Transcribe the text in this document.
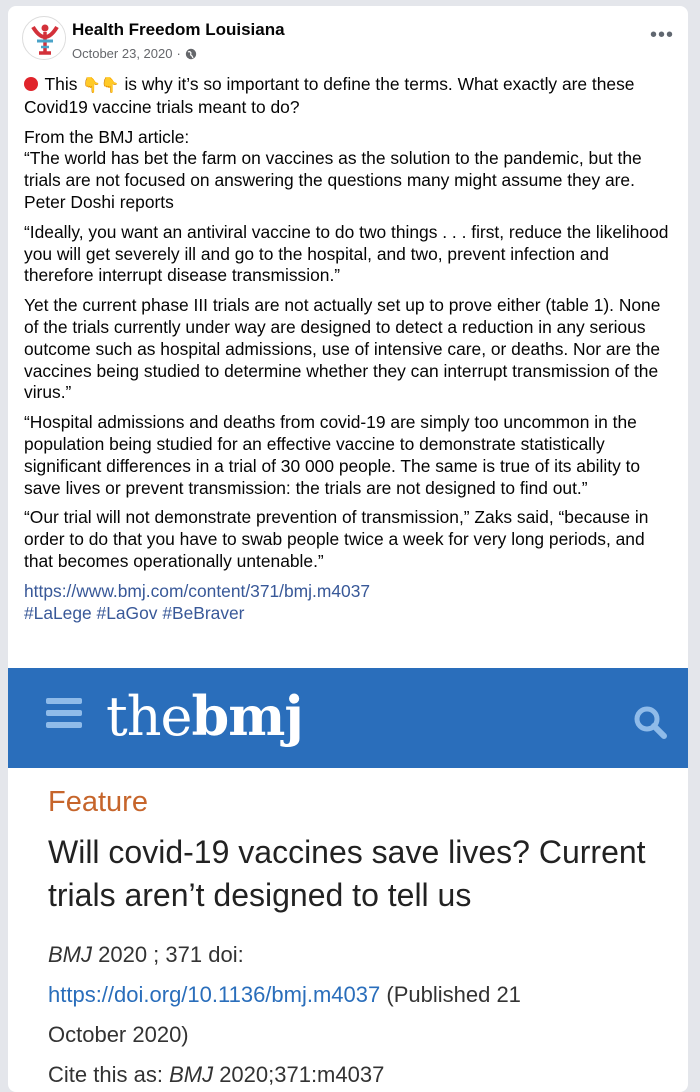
Health Freedom Louisiana
October 23, 2020 ·
•••

This 👇👇 is why it’s so important to define the terms. What exactly are these Covid19 vaccine trials meant to do?

From the BMJ article:
“The world has bet the farm on vaccines as the solution to the pandemic, but the trials are not focused on answering the questions many might assume they are. Peter Doshi reports

“Ideally, you want an antiviral vaccine to do two things . . . first, reduce the likelihood you will get severely ill and go to the hospital, and two, prevent infection and therefore interrupt disease transmission.”

Yet the current phase III trials are not actually set up to prove either (table 1). None of the trials currently under way are designed to detect a reduction in any serious outcome such as hospital admissions, use of intensive care, or deaths. Nor are the vaccines being studied to determine whether they can interrupt transmission of the virus.”

“Hospital admissions and deaths from covid-19 are simply too uncommon in the population being studied for an effective vaccine to demonstrate statistically significant differences in a trial of 30 000 people. The same is true of its ability to save lives or prevent transmission: the trials are not designed to find out.”

“Our trial will not demonstrate prevention of transmission,” Zaks said, “because in order to do that you have to swab people twice a week for very long periods, and that becomes operationally untenable.”

https://www.bmj.com/content/371/bmj.m4037
#LaLege #LaGov #BeBraver

thebmj
Feature
Will covid-19 vaccines save lives? Current trials aren’t designed to tell us
BMJ 2020 ; 371 doi:
https://doi.org/10.1136/bmj.m4037 (Published 21
October 2020)
Cite this as: BMJ 2020;371:m4037
